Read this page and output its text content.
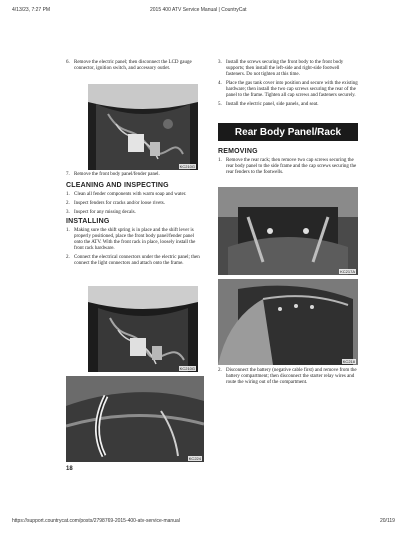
4/13/23, 7:27 PM	2015 400 ATV Service Manual | CountryCat
6. Remove the electric panel; then disconnect the LCD gauge connector, ignition switch, and accessory outlet.
KC210G
7. Remove the front body panel/fender panel.
CLEANING AND INSPECTING
1. Clean all fender components with warm soap and water.
2. Inspect fenders for cracks and/or loose rivets.
3. Inspect for any missing decals.
INSTALLING
1. Making sure the shift spring is in place and the shift lever is properly positioned, place the front body panel/fender panel onto the ATV. With the front rack in place, loosely install the front rack hardware.
2. Connect the electrical connectors under the electric panel; then connect the light connectors and attach onto the frame.
KC210G
KC224
18
3. Install the screws securing the front body to the front body supports; then install the left-side and right-side footwell fasteners. Do not tighten at this time.
4. Place the gas tank cover into position and secure with the existing hardware; then install the two cap screws securing the rear of the panel to the frame. Tighten all cap screws and fasteners securely.
5. Install the electric panel, side panels, and seat.
Rear Body Panel/Rack
REMOVING
1. Remove the rear rack; then remove two cap screws securing the rear body panel to the side frame and the cap screws securing the rear fenders to the footwells.
KC217A
KC218
2. Disconnect the battery (negative cable first) and remove from the battery compartment; then disconnect the starter relay wires and route the wiring out of the compartment.
https://support.countrycat.com/posts/2798769-2015-400-atv-service-manual	20/119
